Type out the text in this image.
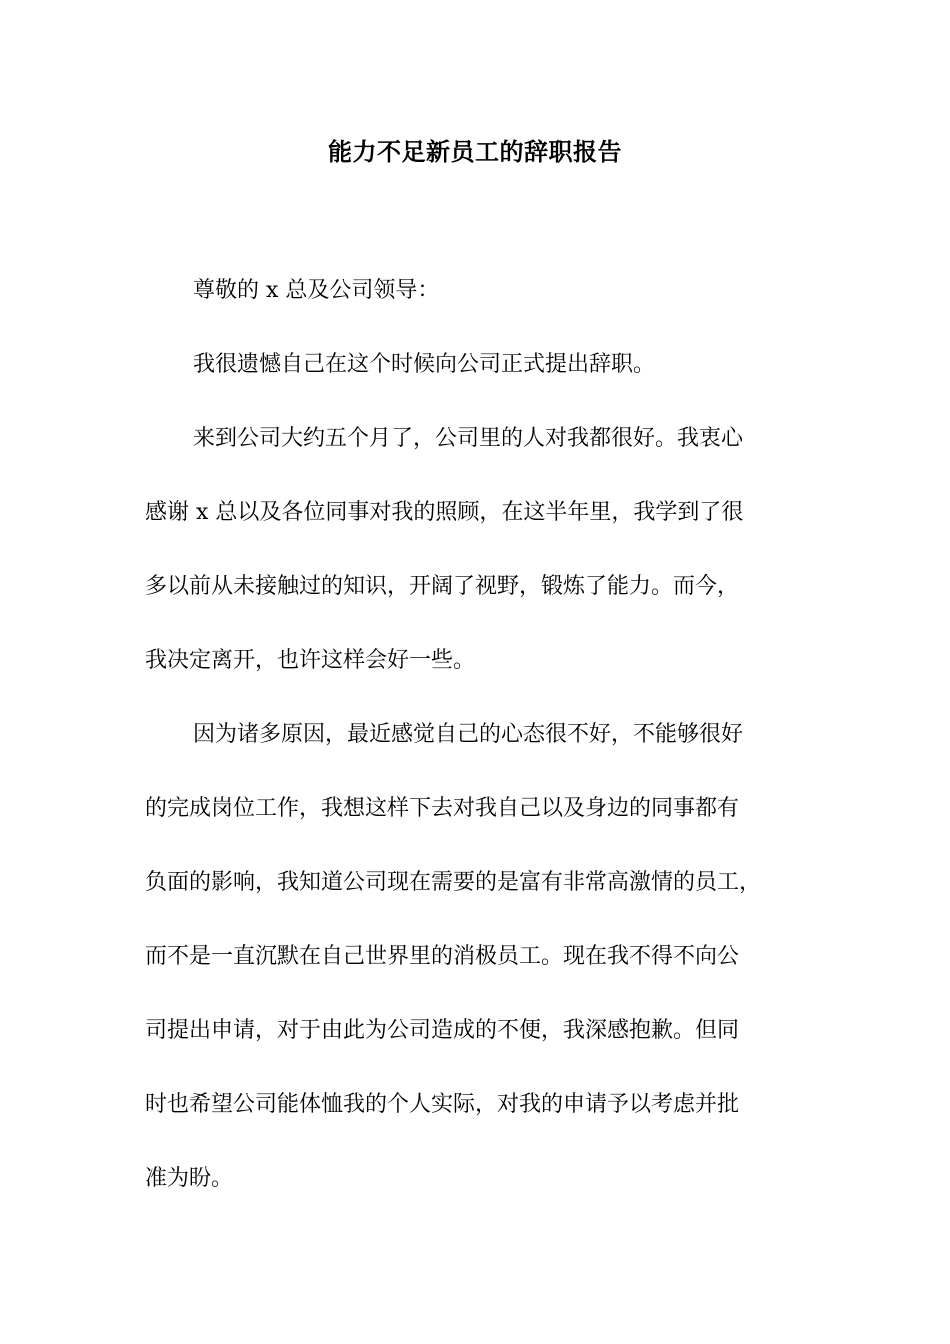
能力不足新员工的辞职报告
尊敬的 x 总及公司领导：
我很遗憾自己在这个时候向公司正式提出辞职。
来到公司大约五个月了，公司里的人对我都很好。我衷心
感谢 x 总以及各位同事对我的照顾，在这半年里，我学到了很
多以前从未接触过的知识，开阔了视野，锻炼了能力。而今，
我决定离开，也许这样会好一些。
因为诸多原因，最近感觉自己的心态很不好，不能够很好
的完成岗位工作，我想这样下去对我自己以及身边的同事都有
负面的影响，我知道公司现在需要的是富有非常高激情的员工，
而不是一直沉默在自己世界里的消极员工。现在我不得不向公
司提出申请，对于由此为公司造成的不便，我深感抱歉。但同
时也希望公司能体恤我的个人实际，对我的申请予以考虑并批
准为盼。
